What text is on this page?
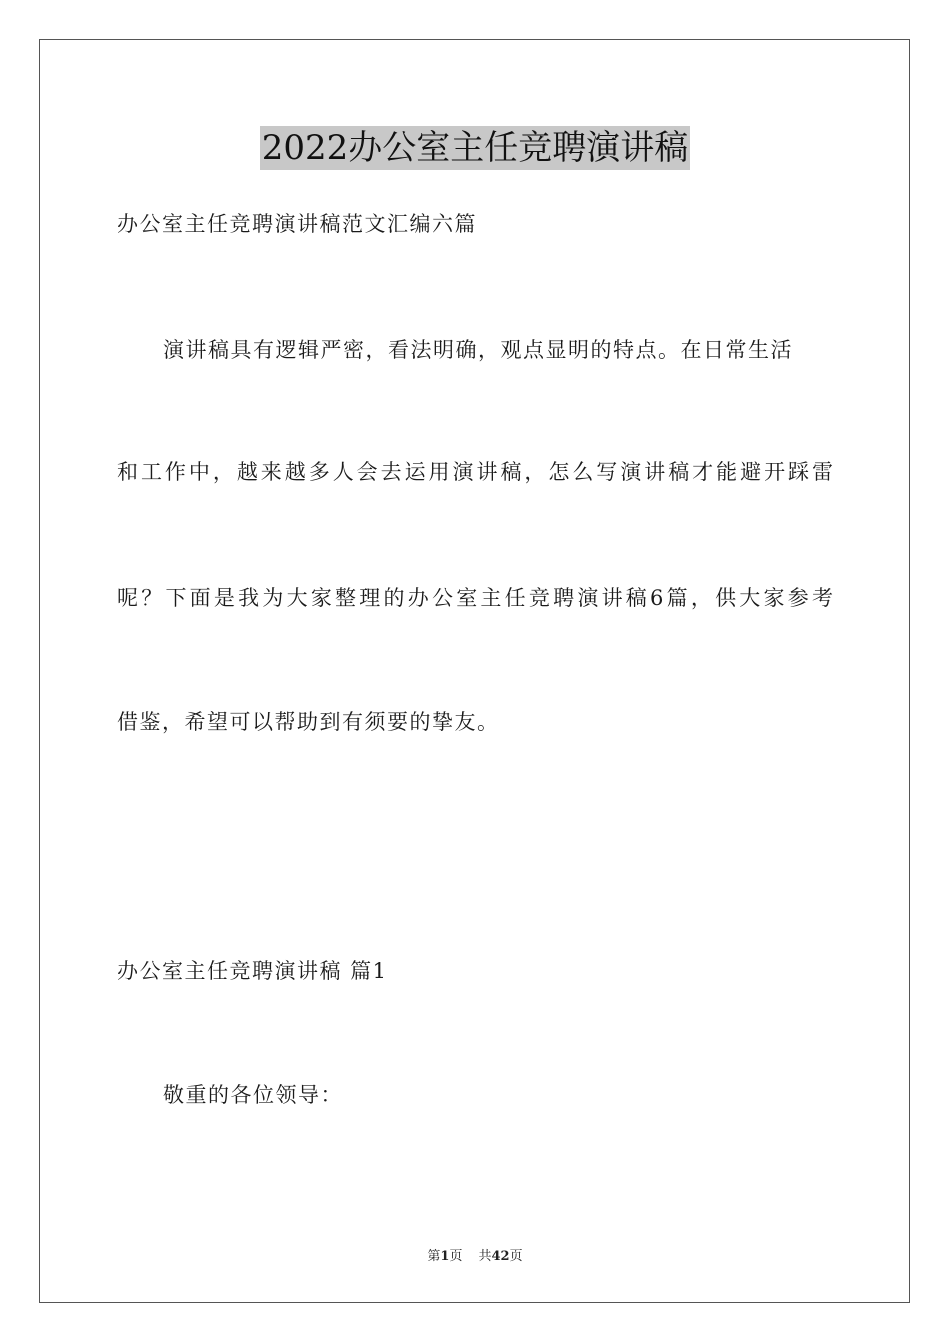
2022办公室主任竞聘演讲稿
办公室主任竞聘演讲稿范文汇编六篇
演讲稿具有逻辑严密，看法明确，观点显明的特点。在日常生活
和工作中，越来越多人会去运用演讲稿，怎么写演讲稿才能避开踩雷
呢？下面是我为大家整理的办公室主任竞聘演讲稿6篇，供大家参考
借鉴，希望可以帮助到有须要的挚友。
办公室主任竞聘演讲稿 篇1
敬重的各位领导：
第1页 共42页
